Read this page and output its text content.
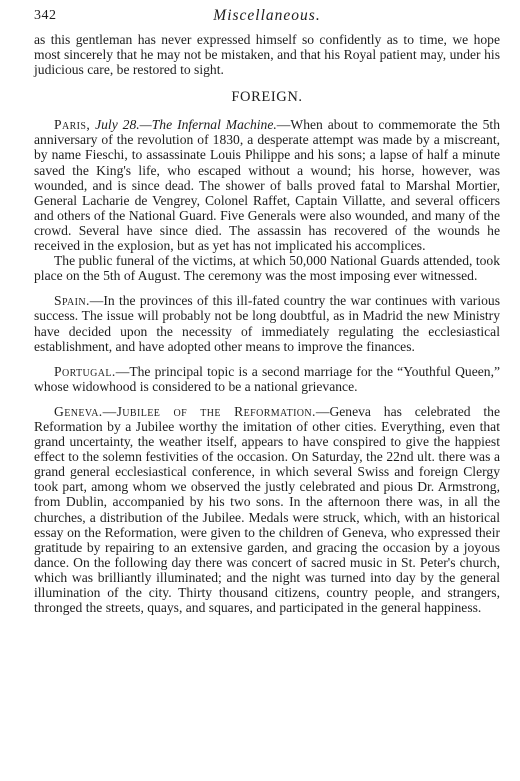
342	Miscellaneous.

as this gentleman has never expressed himself so confidently as to time, we hope most sincerely that he may not be mistaken, and that his Royal patient may, under his judicious care, be restored to sight.

FOREIGN.

Paris, July 28.—The Infernal Machine.—When about to commemorate the 5th anniversary of the revolution of 1830, a desperate attempt was made by a miscreant, by name Fieschi, to assassinate Louis Philippe and his sons; a lapse of half a minute saved the King's life, who escaped without a wound; his horse, however, was wounded, and is since dead. The shower of balls proved fatal to Marshal Mortier, General Lacharie de Vengrey, Colonel Raffet, Captain Villatte, and several officers and others of the National Guard. Five Generals were also wounded, and many of the crowd. Several have since died. The assassin has recovered of the wounds he received in the explosion, but as yet has not implicated his accomplices.

The public funeral of the victims, at which 50,000 National Guards attended, took place on the 5th of August. The ceremony was the most imposing ever witnessed.

Spain.—In the provinces of this ill-fated country the war continues with various success. The issue will probably not be long doubtful, as in Madrid the new Ministry have decided upon the necessity of immediately regulating the ecclesiastical establishment, and have adopted other means to improve the finances.

Portugal.—The principal topic is a second marriage for the “Youthful Queen,” whose widowhood is considered to be a national grievance.

Geneva.—Jubilee of the Reformation.—Geneva has celebrated the Reformation by a Jubilee worthy the imitation of other cities. Everything, even that grand uncertainty, the weather itself, appears to have conspired to give the happiest effect to the solemn festivities of the occasion. On Saturday, the 22nd ult. there was a grand general ecclesiastical conference, in which several Swiss and foreign Clergy took part, among whom we observed the justly celebrated and pious Dr. Armstrong, from Dublin, accompanied by his two sons. In the afternoon there was, in all the churches, a distribution of the Jubilee. Medals were struck, which, with an historical essay on the Reformation, were given to the children of Geneva, who expressed their gratitude by repairing to an extensive garden, and gracing the occasion by a joyous dance. On the following day there was concert of sacred music in St. Peter's church, which was brilliantly illuminated; and the night was turned into day by the general illumination of the city. Thirty thousand citizens, country people, and strangers, thronged the streets, quays, and squares, and participated in the general happiness.
